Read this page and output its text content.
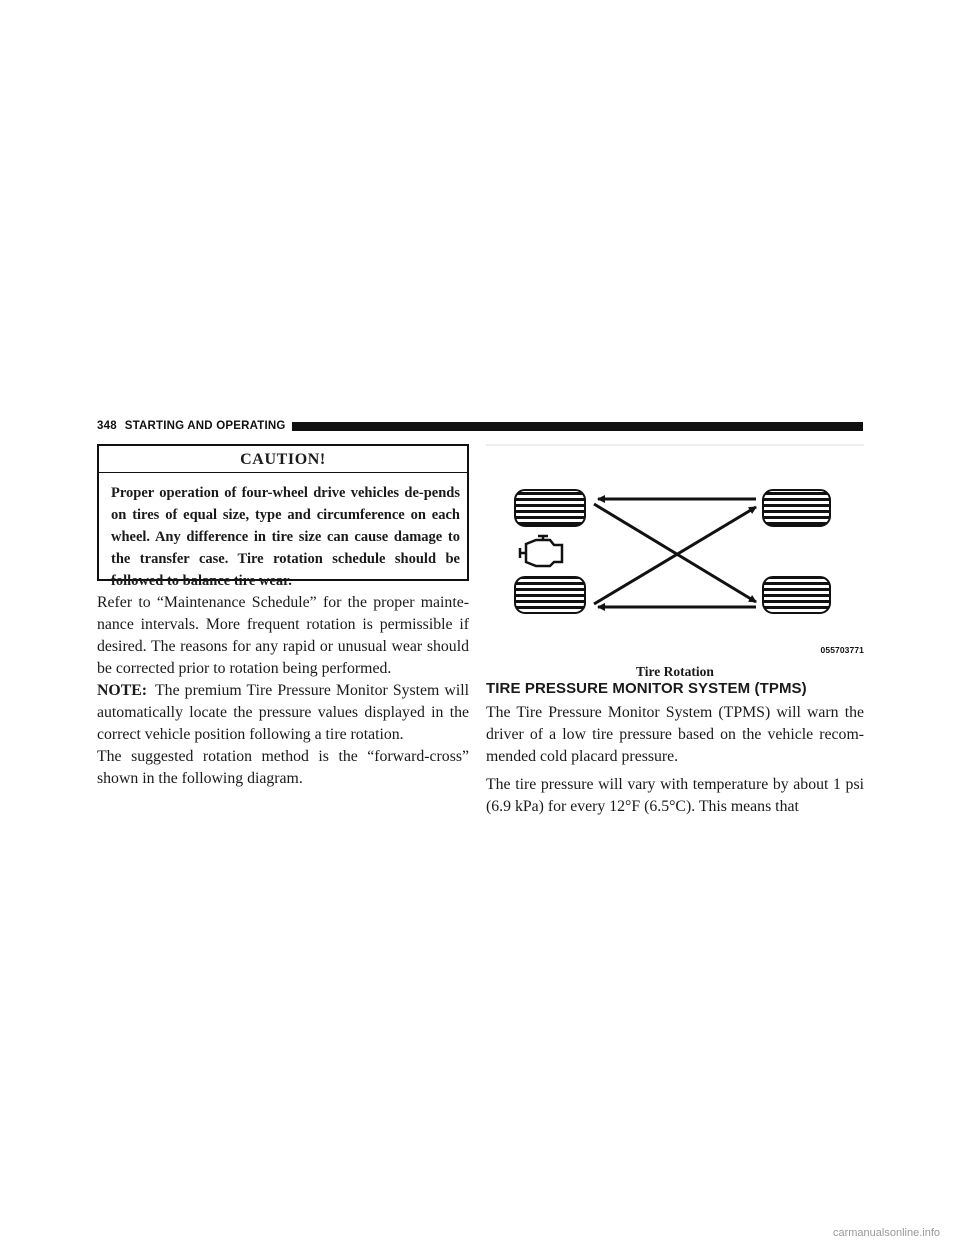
348 STARTING AND OPERATING
CAUTION!
Proper operation of four-wheel drive vehicles de-pends on tires of equal size, type and circumference on each wheel. Any difference in tire size can cause damage to the transfer case. Tire rotation schedule should be followed to balance tire wear.
Refer to “Maintenance Schedule” for the proper mainte-nance intervals. More frequent rotation is permissible if desired. The reasons for any rapid or unusual wear should be corrected prior to rotation being performed.
NOTE: The premium Tire Pressure Monitor System will automatically locate the pressure values displayed in the correct vehicle position following a tire rotation.
The suggested rotation method is the “forward-cross” shown in the following diagram.
055703771
Tire Rotation
TIRE PRESSURE MONITOR SYSTEM (TPMS)
The Tire Pressure Monitor System (TPMS) will warn the driver of a low tire pressure based on the vehicle recom-mended cold placard pressure.
The tire pressure will vary with temperature by about 1 psi (6.9 kPa) for every 12°F (6.5°C). This means that
carmanualsonline.info
